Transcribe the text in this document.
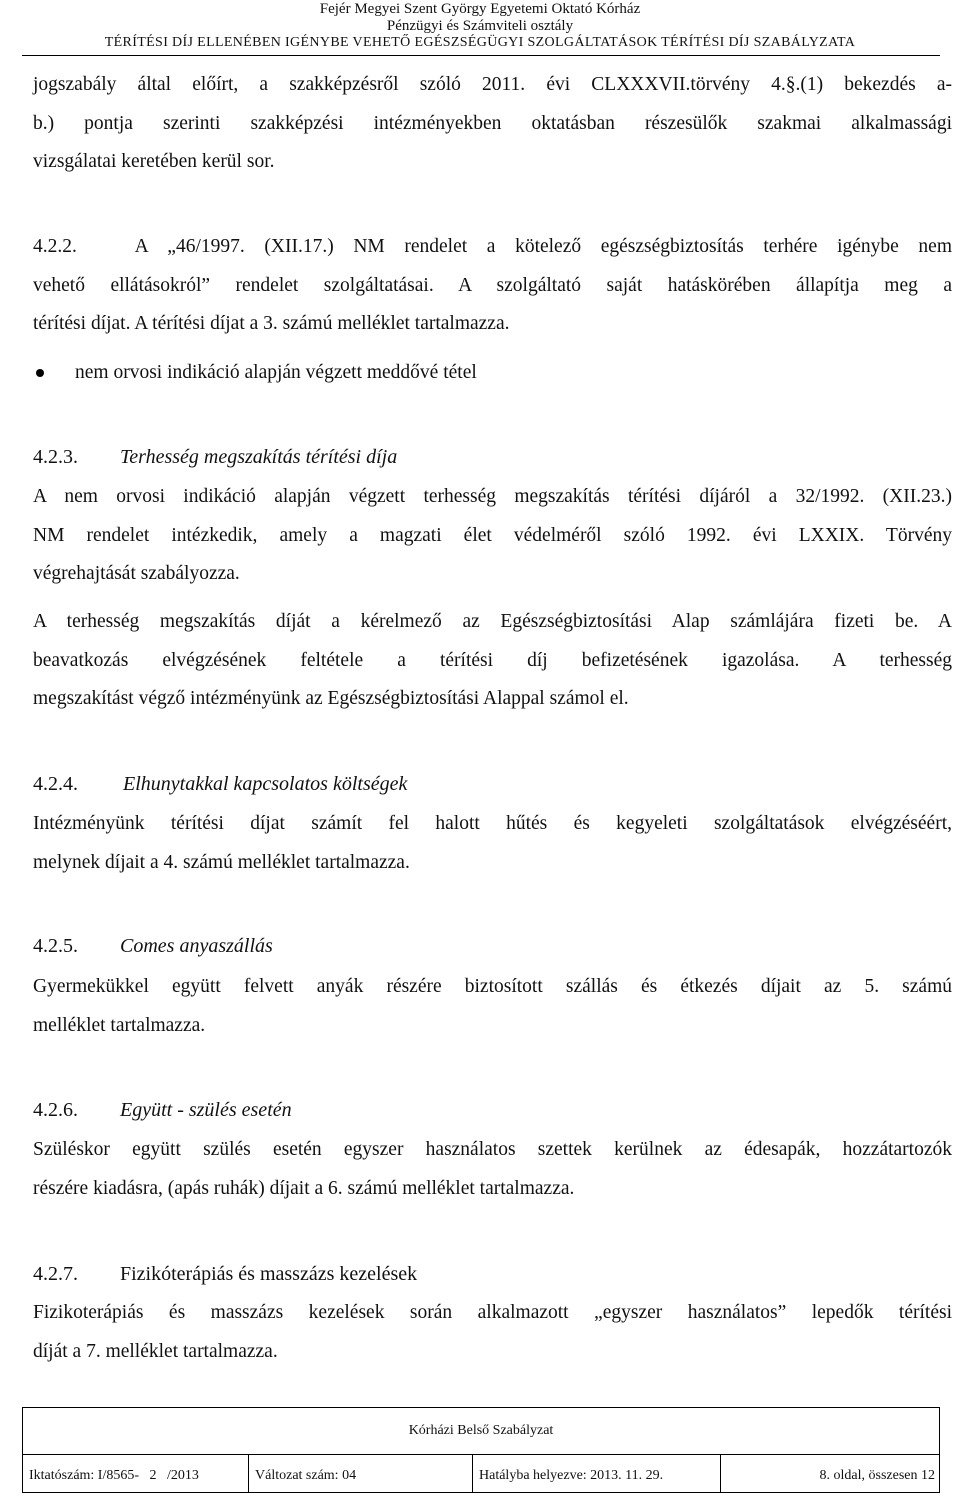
Fejér Megyei Szent György Egyetemi Oktató Kórház
Pénzügyi és Számviteli osztály
TÉRÍTÉSI DÍJ ELLENÉBEN IGÉNYBE VEHETŐ EGÉSZSÉGÜGYI SZOLGÁLTATÁSOK TÉRÍTÉSI DÍJ SZABÁLYZATA
jogszabály által előírt, a szakképzésről szóló 2011. évi CLXXXVII.törvény 4.§.(1) bekezdés a-
b.) pontja szerinti szakképzési intézményekben oktatásban részesülők szakmai alkalmassági
vizsgálatai keretében kerül sor.
4.2.2.   A „46/1997. (XII.17.) NM rendelet a kötelező egészségbiztosítás terhére igénybe nem
vehető ellátásokról” rendelet szolgáltatásai. A szolgáltató saját hatáskörében állapítja meg a
térítési díjat. A térítési díjat a 3. számú melléklet tartalmazza.
nem orvosi indikáció alapján végzett meddővé tétel
4.2.3. Terhesség megszakítás térítési díja
A nem orvosi indikáció alapján végzett terhesség megszakítás térítési díjáról a 32/1992. (XII.23.)
NM rendelet intézkedik, amely a magzati élet védelméről szóló 1992. évi LXXIX. Törvény
végrehajtását szabályozza.
A terhesség megszakítás díját a kérelmező az Egészségbiztosítási Alap számlájára fizeti be. A
beavatkozás elvégzésének feltétele a térítési díj befizetésének igazolása. A terhesség
megszakítást végző intézményünk az Egészségbiztosítási Alappal számol el.
4.2.4. Elhunytakkal kapcsolatos költségek
Intézményünk térítési díjat számít fel halott hűtés és kegyeleti szolgáltatások elvégzéséért,
melynek díjait a 4. számú melléklet tartalmazza.
4.2.5. Comes anyaszállás
Gyermekükkel együtt felvett anyák részére biztosított szállás és étkezés díjait az 5. számú
melléklet tartalmazza.
4.2.6. Együtt - szülés esetén
Szüléskor együtt szülés esetén egyszer használatos szettek kerülnek az édesapák, hozzátartozók
részére kiadásra, (apás ruhák) díjait a 6. számú melléklet tartalmazza.
4.2.7. Fizikóterápiás és masszázs kezelések
Fizikoterápiás és masszázs kezelések során alkalmazott „egyszer használatos” lepedők térítési
díját a 7. melléklet tartalmazza.
Kórházi Belső Szabályzat
Iktatószám: I/8565-   2   /2013	Változat szám: 04	Hatályba helyezve: 2013. 11. 29.	8. oldal, összesen 12
